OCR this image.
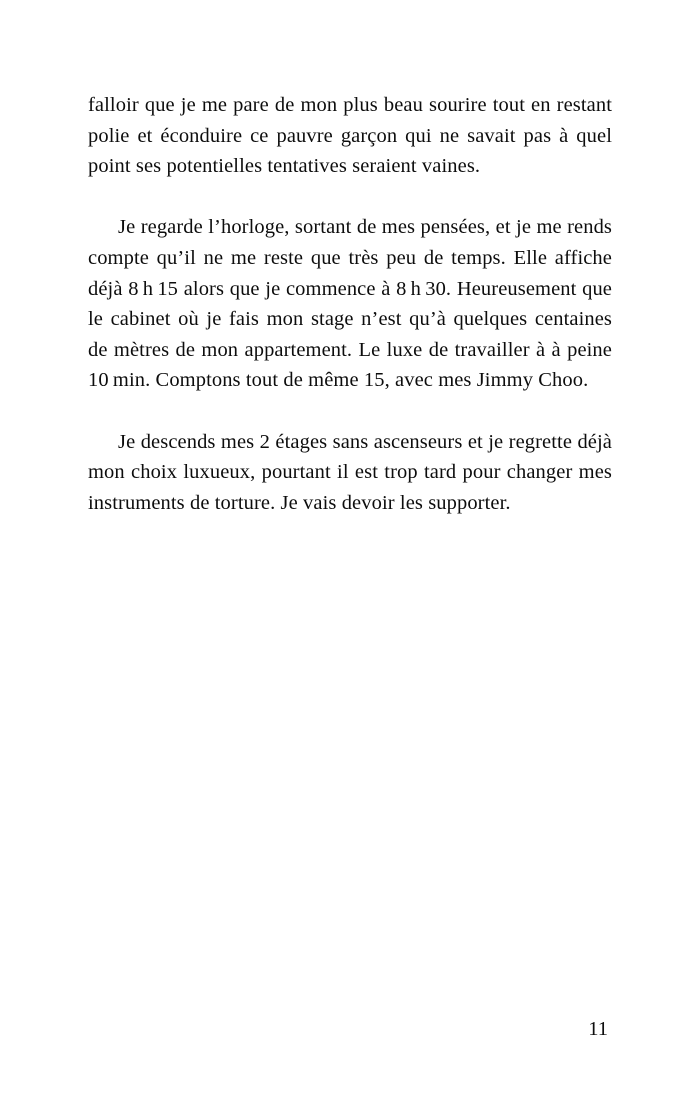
falloir que je me pare de mon plus beau sourire tout en restant polie et éconduire ce pauvre garçon qui ne savait pas à quel point ses potentielles tentatives seraient vaines.

Je regarde l’horloge, sortant de mes pensées, et je me rends compte qu’il ne me reste que très peu de temps. Elle affiche déjà 8 h 15 alors que je commence à 8 h 30. Heureusement que le cabinet où je fais mon stage n’est qu’à quelques centaines de mètres de mon appartement. Le luxe de travailler à à peine 10 min. Comptons tout de même 15, avec mes Jimmy Choo.

Je descends mes 2 étages sans ascenseurs et je regrette déjà mon choix luxueux, pourtant il est trop tard pour changer mes instruments de torture. Je vais devoir les supporter.

11
